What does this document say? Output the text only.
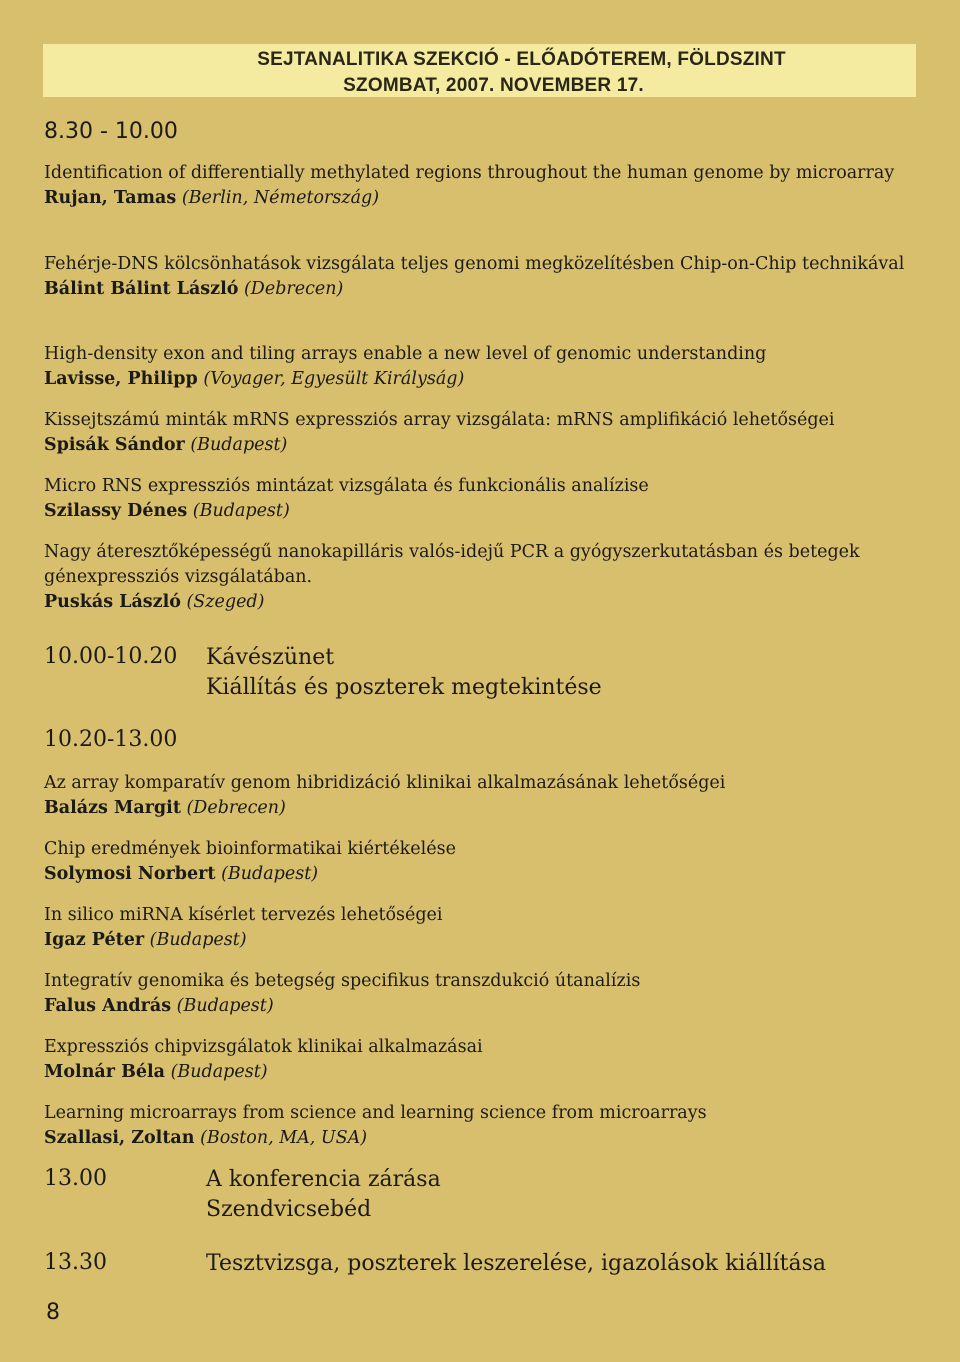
SEJTANALITIKA SZEKCIÓ - ELŐADÓTEREM, FÖLDSZINT
SZOMBAT, 2007. NOVEMBER 17.
8.30 - 10.00
Identification of differentially methylated regions throughout the human genome by microarray
Rujan, Tamas (Berlin, Németország)
Fehérje-DNS kölcsönhatások vizsgálata teljes genomi megközelítésben Chip-on-Chip technikával
Bálint Bálint László (Debrecen)
High-density exon and tiling arrays enable a new level of genomic understanding
Lavisse, Philipp (Voyager, Egyesült Királyság)
Kissejtszámú minták mRNS expressziós array vizsgálata: mRNS amplifikáció lehetőségei
Spisák Sándor (Budapest)
Micro RNS expressziós mintázat vizsgálata és funkcionális analízise
Szilassy Dénes (Budapest)
Nagy áteresztőképességű nanokapilláris valós-idejű PCR a gyógyszerkutatásban és betegek génexpressziós vizsgálatában.
Puskás László (Szeged)
10.00-10.20 Kávészünet
Kiállítás és poszterek megtekintése
10.20-13.00
Az array komparatív genom hibridizáció klinikai alkalmazásának lehetőségei
Balázs Margit (Debrecen)
Chip eredmények bioinformatikai kiértékelése
Solymosi Norbert (Budapest)
In silico miRNA kísérlet tervezés lehetőségei
Igaz Péter (Budapest)
Integratív genomika és betegség specifikus transzdukció útanalízis
Falus András (Budapest)
Expressziós chipvizsgálatok klinikai alkalmazásai
Molnár Béla (Budapest)
Learning microarrays from science and learning science from microarrays
Szallasi, Zoltan (Boston, MA, USA)
13.00	A konferencia zárása
Szendvicsebéd
13.30	Tesztvizsga, poszterek leszerelése, igazolások kiállítása
8
